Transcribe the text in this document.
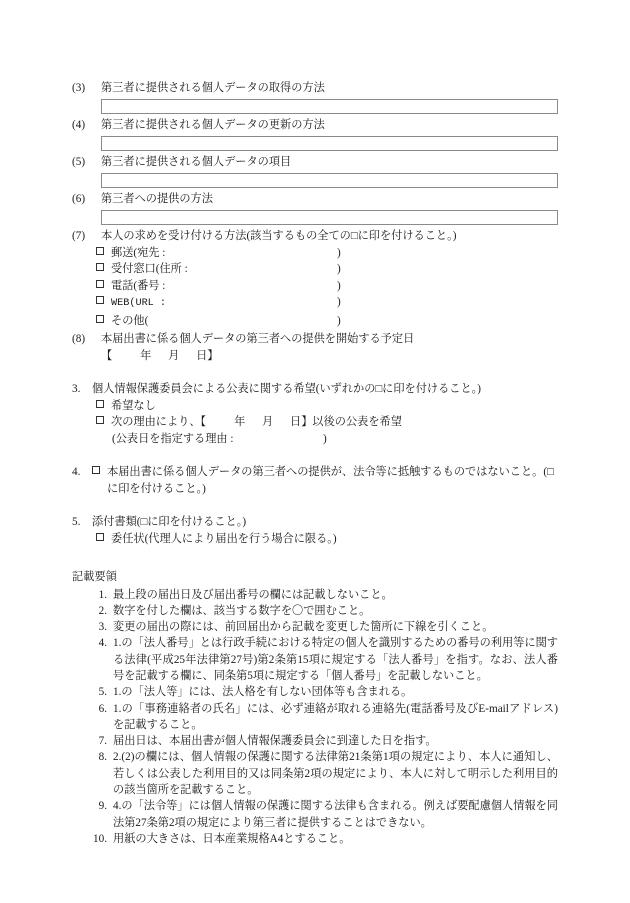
(3)	第三者に提供される個人データの取得の方法
(4)	第三者に提供される個人データの更新の方法
(5)	第三者に提供される個人データの項目
(6)	第三者への提供の方法
(7)	本人の求めを受け付ける方法(該当するもの全ての□に印を付けること。)
郵送(宛先 :	)
受付窓口(住所 :	)
電話(番号 :	)
WEB(URL :	)
その他(	)
(8)	本届出書に係る個人データの第三者への提供を開始する予定日
【          年      月      日】
3.	個人情報保護委員会による公表に関する希望(いずれかの□に印を付けること。)
希望なし
次の理由により、【 年      月      日】 以後の公表を希望
(公表日を指定する理由 :	)
4.	本届出書に係る個人データの第三者への提供が、法令等に抵触するものではないこと。(□に印を付けること。)
5.	添付書類(□に印を付けること。)
委任状(代理人により届出を行う場合に限る。)
記載要領
1. 最上段の届出日及び届出番号の欄には記載しないこと。
2. 数字を付した欄は、該当する数字を〇で囲むこと。
3. 変更の届出の際には、前回届出から記載を変更した箇所に下線を引くこと。
4. 1.の「法人番号」とは行政手続における特定の個人を識別するための番号の利用等に関する法律(平成25年法律第27号)第2条第15項に規定する「法人番号」を指す。なお、法人番号を記載する欄に、同条第5項に規定する「個人番号」を記載しないこと。
5. 1.の「法人等」には、法人格を有しない団体等も含まれる。
6. 1.の「事務連絡者の氏名」には、必ず連絡が取れる連絡先(電話番号及びE-mailアドレス)を記載すること。
7. 届出日は、本届出書が個人情報保護委員会に到達した日を指す。
8. 2.(2)の欄には、個人情報の保護に関する法律第21条第1項の規定により、本人に通知し、若しくは公表した利用目的又は同条第2項の規定により、本人に対して明示した利用目的の該当箇所を記載すること。
9. 4.の「法令等」には個人情報の保護に関する法律も含まれる。例えば要配慮個人情報を同法第27条第2項の規定により第三者に提供することはできない。
10. 用紙の大きさは、日本産業規格A4とすること。
